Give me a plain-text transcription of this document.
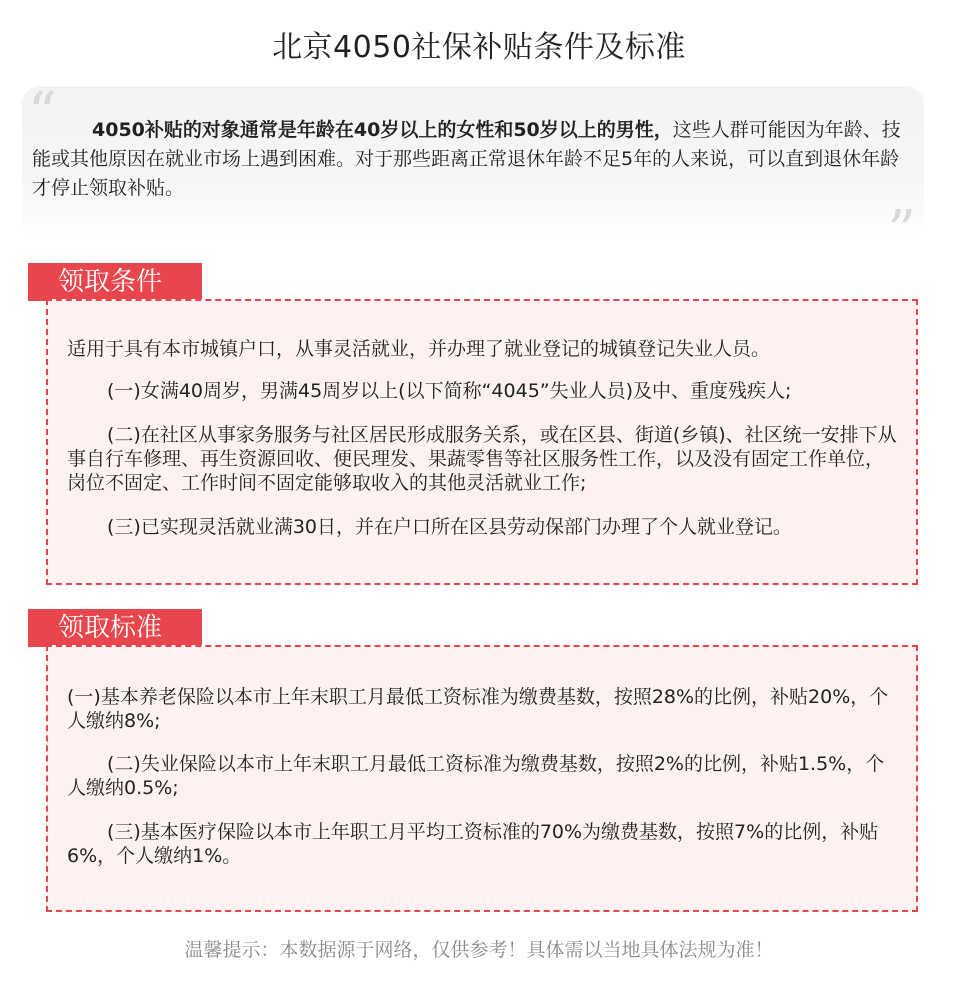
北京4050社保补贴条件及标准
“	4050补贴的对象通常是年龄在40岁以上的女性和50岁以上的男性，这些人群可能因为年龄、技能或其他原因在就业市场上遇到困难。对于那些距离正常退休年龄不足5年的人来说，可以直到退休年龄才停止领取补贴。
”
领取条件

适用于具有本市城镇户口，从事灵活就业，并办理了就业登记的城镇登记失业人员。

(一)女满40周岁，男满45周岁以上(以下简称“4045”失业人员)及中、重度残疾人;

(二)在社区从事家务服务与社区居民形成服务关系，或在区县、街道(乡镇)、社区统一安排下从事自行车修理、再生资源回收、便民理发、果蔬零售等社区服务性工作，以及没有固定工作单位，岗位不固定、工作时间不固定能够取收入的其他灵活就业工作;

(三)已实现灵活就业满30日，并在户口所在区县劳动保部门办理了个人就业登记。

领取标准

(一)基本养老保险以本市上年末职工月最低工资标准为缴费基数，按照28%的比例，补贴20%，个人缴纳8%;

(二)失业保险以本市上年末职工月最低工资标准为缴费基数，按照2%的比例，补贴1.5%，个人缴纳0.5%;

(三)基本医疗保险以本市上年职工月平均工资标准的70%为缴费基数，按照7%的比例，补贴6%，个人缴纳1%。

温馨提示：本数据源于网络，仅供参考！具体需以当地具体法规为准！
